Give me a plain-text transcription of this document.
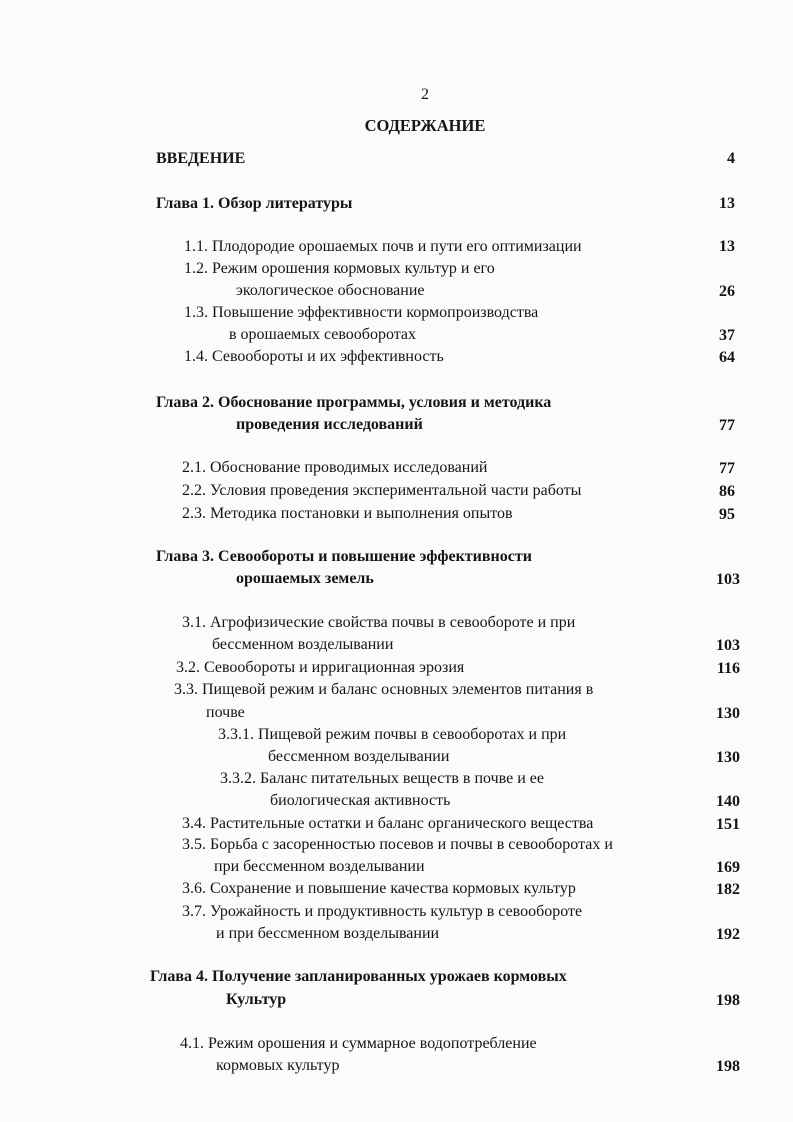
2
СОДЕРЖАНИЕ
ВВЕДЕНИЕ	4
Глава 1. Обзор литературы	13
1.1. Плодородие орошаемых почв и пути его оптимизации	13
1.2. Режим орошения кормовых культур и его
экологическое обоснование	26
1.3. Повышение эффективности кормопроизводства
в орошаемых севооборотах	37
1.4. Севообороты и их эффективность	64
Глава 2. Обоснование программы, условия и методика
проведения исследований	77
2.1. Обоснование проводимых исследований	77
2.2. Условия проведения экспериментальной части работы	86
2.3. Методика постановки и выполнения опытов	95
Глава 3. Севообороты и повышение эффективности
орошаемых земель	103
3.1. Агрофизические свойства почвы в севообороте и при
бессменном возделывании	103
3.2. Севообороты и ирригационная эрозия	116
3.3. Пищевой режим и баланс основных элементов питания в
почве	130
3.3.1. Пищевой режим почвы в севооборотах и при
бессменном возделывании	130
3.3.2. Баланс питательных веществ в почве и ее
биологическая активность	140
3.4. Растительные остатки и баланс органического вещества	151
3.5. Борьба с засоренностью посевов и почвы в севооборотах и
при бессменном возделывании	169
3.6. Сохранение и повышение качества кормовых культур	182
3.7. Урожайность и продуктивность культур в севообороте
и при бессменном возделывании	192
Глава 4. Получение запланированных урожаев кормовых
Культур	198
4.1. Режим орошения и суммарное водопотребление
кормовых культур	198
